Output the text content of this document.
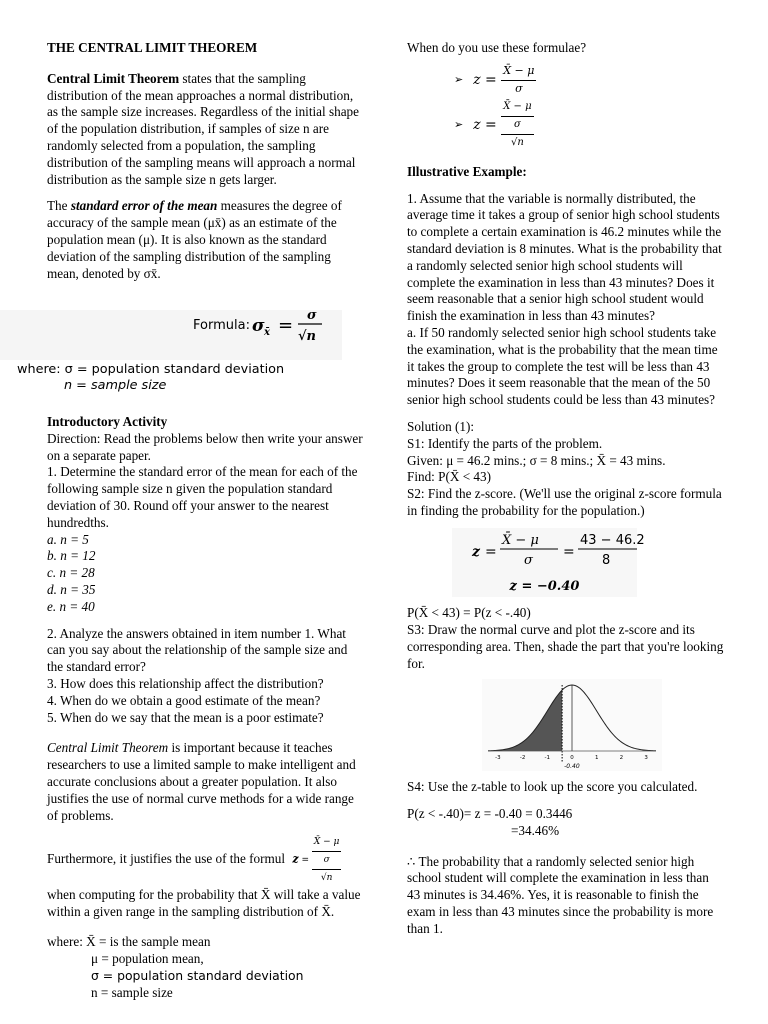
THE CENTRAL LIMIT THEOREM

Central Limit Theorem states that the sampling distribution of the mean approaches a normal distribution, as the sample size increases. Regardless of the initial shape of the population distribution, if samples of size n are randomly selected from a population, the sampling distribution of the sampling means will approach a normal distribution as the sample size n gets larger.

The standard error of the mean measures the degree of accuracy of the sample mean (μx̄) as an estimate of the population mean (μ). It is also known as the standard deviation of the sampling distribution of the sampling mean, denoted by σx̄.

Formula: σ x̄ = σ
√n
where: σ = population standard deviation
n = sample size

Introductory Activity

Direction: Read the problems below then write your answer on a separate paper.

1. Determine the standard error of the mean for each of the following sample size n given the population standard deviation of 30. Round off your answer to the nearest hundredths.

a. n = 5

b. n = 12

c. n = 28

d. n = 35

e. n = 40

2. Analyze the answers obtained in item number 1. What can you say about the relationship of the sample size and the standard error?

3. How does this relationship affect the distribution?

4. When do we obtain a good estimate of the mean?

5. When do we say that the mean is a poor estimate?

Central Limit Theorem is important because it teaches researchers to use a limited sample to make intelligent and accurate conclusions about a greater population. It also justifies the use of normal curve methods for a wide range of problems.

Furthermore, it justifies the use of the formul z =
X̄ − μ
σ
√n

when computing for the probability that X̄ will take a value within a given range in the sampling distribution of X̄.

where: X̄ = is the sample mean

μ = population mean,

σ = population standard deviation

n = sample size

When do you use these formulae?

➢ $z = \frac{X̄ - \mu}{\sigma}$
➢ z =
X̄ − μ
σ
√n

Illustrative Example:

1. Assume that the variable is normally distributed, the average time it takes a group of senior high school students to complete a certain examination is 46.2 minutes while the standard deviation is 8 minutes. What is the probability that a randomly selected senior high school students will complete the examination in less than 43 minutes? Does it seem reasonable that a senior high school student would finish the examination in less than 43 minutes?

a. If 50 randomly selected senior high school students take the examination, what is the probability that the mean time it takes the group to complete the test will be less than 43 minutes? Does it seem reasonable that the mean of the 50 senior high school students could be less than 43 minutes?

Solution (1):

S1: Identify the parts of the problem.

Given: μ = 46.2 mins.; σ = 8 mins.; X̄ = 43 mins.

Find: P(X̄ < 43)

S2: Find the z-score. (We'll use the original z-score formula in finding the probability for the population.)

z =
X̄ − μ
σ
=
43 − 46.2
8
z = −0.40

P(X̄ < 43) = P(z < -.40)

S3: Draw the normal curve and plot the z-score and its corresponding area. Then, shade the part that you're looking for.

-3	-2	-1	0	1	2	3
-0.40

S4: Use the z-table to look up the score you calculated.

P(z < -.40)= z = -0.40 = 0.3446

=34.46%

∴ The probability that a randomly selected senior high school student will complete the examination in less than 43 minutes is 34.46%. Yes, it is reasonable to finish the exam in less than 43 minutes since the probability is more than 1.
